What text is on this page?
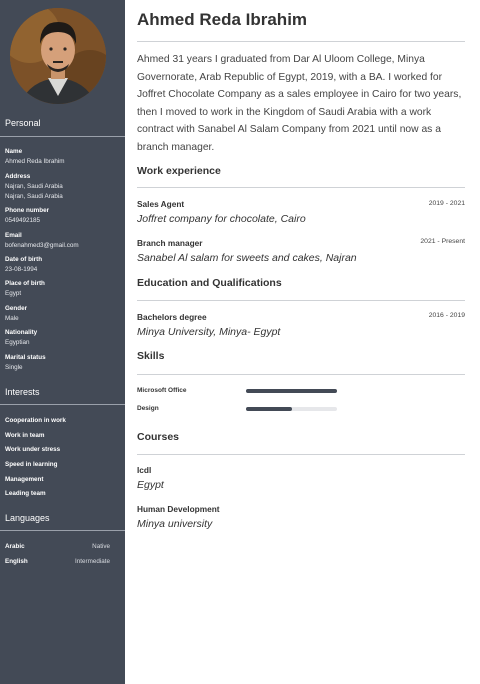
Personal
Name
Ahmed Reda Ibrahim
Address
Najran, Saudi Arabia
Najran, Saudi Arabia
Phone number
0549492185
Email
bofenahmed3@gmail.com
Date of birth
23-08-1994
Place of birth
Egypt
Gender
Male
Nationality
Egyptian
Marital status
Single
Interests
Cooperation in work
Work in team
Work under stress
Speed in learning
Management
Leading team
Languages
Arabic	Native
English	Intermediate
Ahmed Reda Ibrahim
Ahmed 31 years I graduated from Dar Al Uloom College, Minya Governorate, Arab Republic of Egypt, 2019, with a BA. I worked for Joffret Chocolate Company as a sales employee in Cairo for two years, then I moved to work in the Kingdom of Saudi Arabia with a work contract with Sanabel Al Salam Company from 2021 until now as a branch manager.
Work experience
Sales Agent	2019 - 2021
Joffret company for chocolate, Cairo
Branch manager	2021 - Present
Sanabel Al salam for sweets and cakes, Najran
Education and Qualifications
Bachelors degree	2016 - 2019
Minya University, Minya- Egypt
Skills
Microsoft Office
Design
Courses
Icdl
Egypt
Human Development
Minya university
